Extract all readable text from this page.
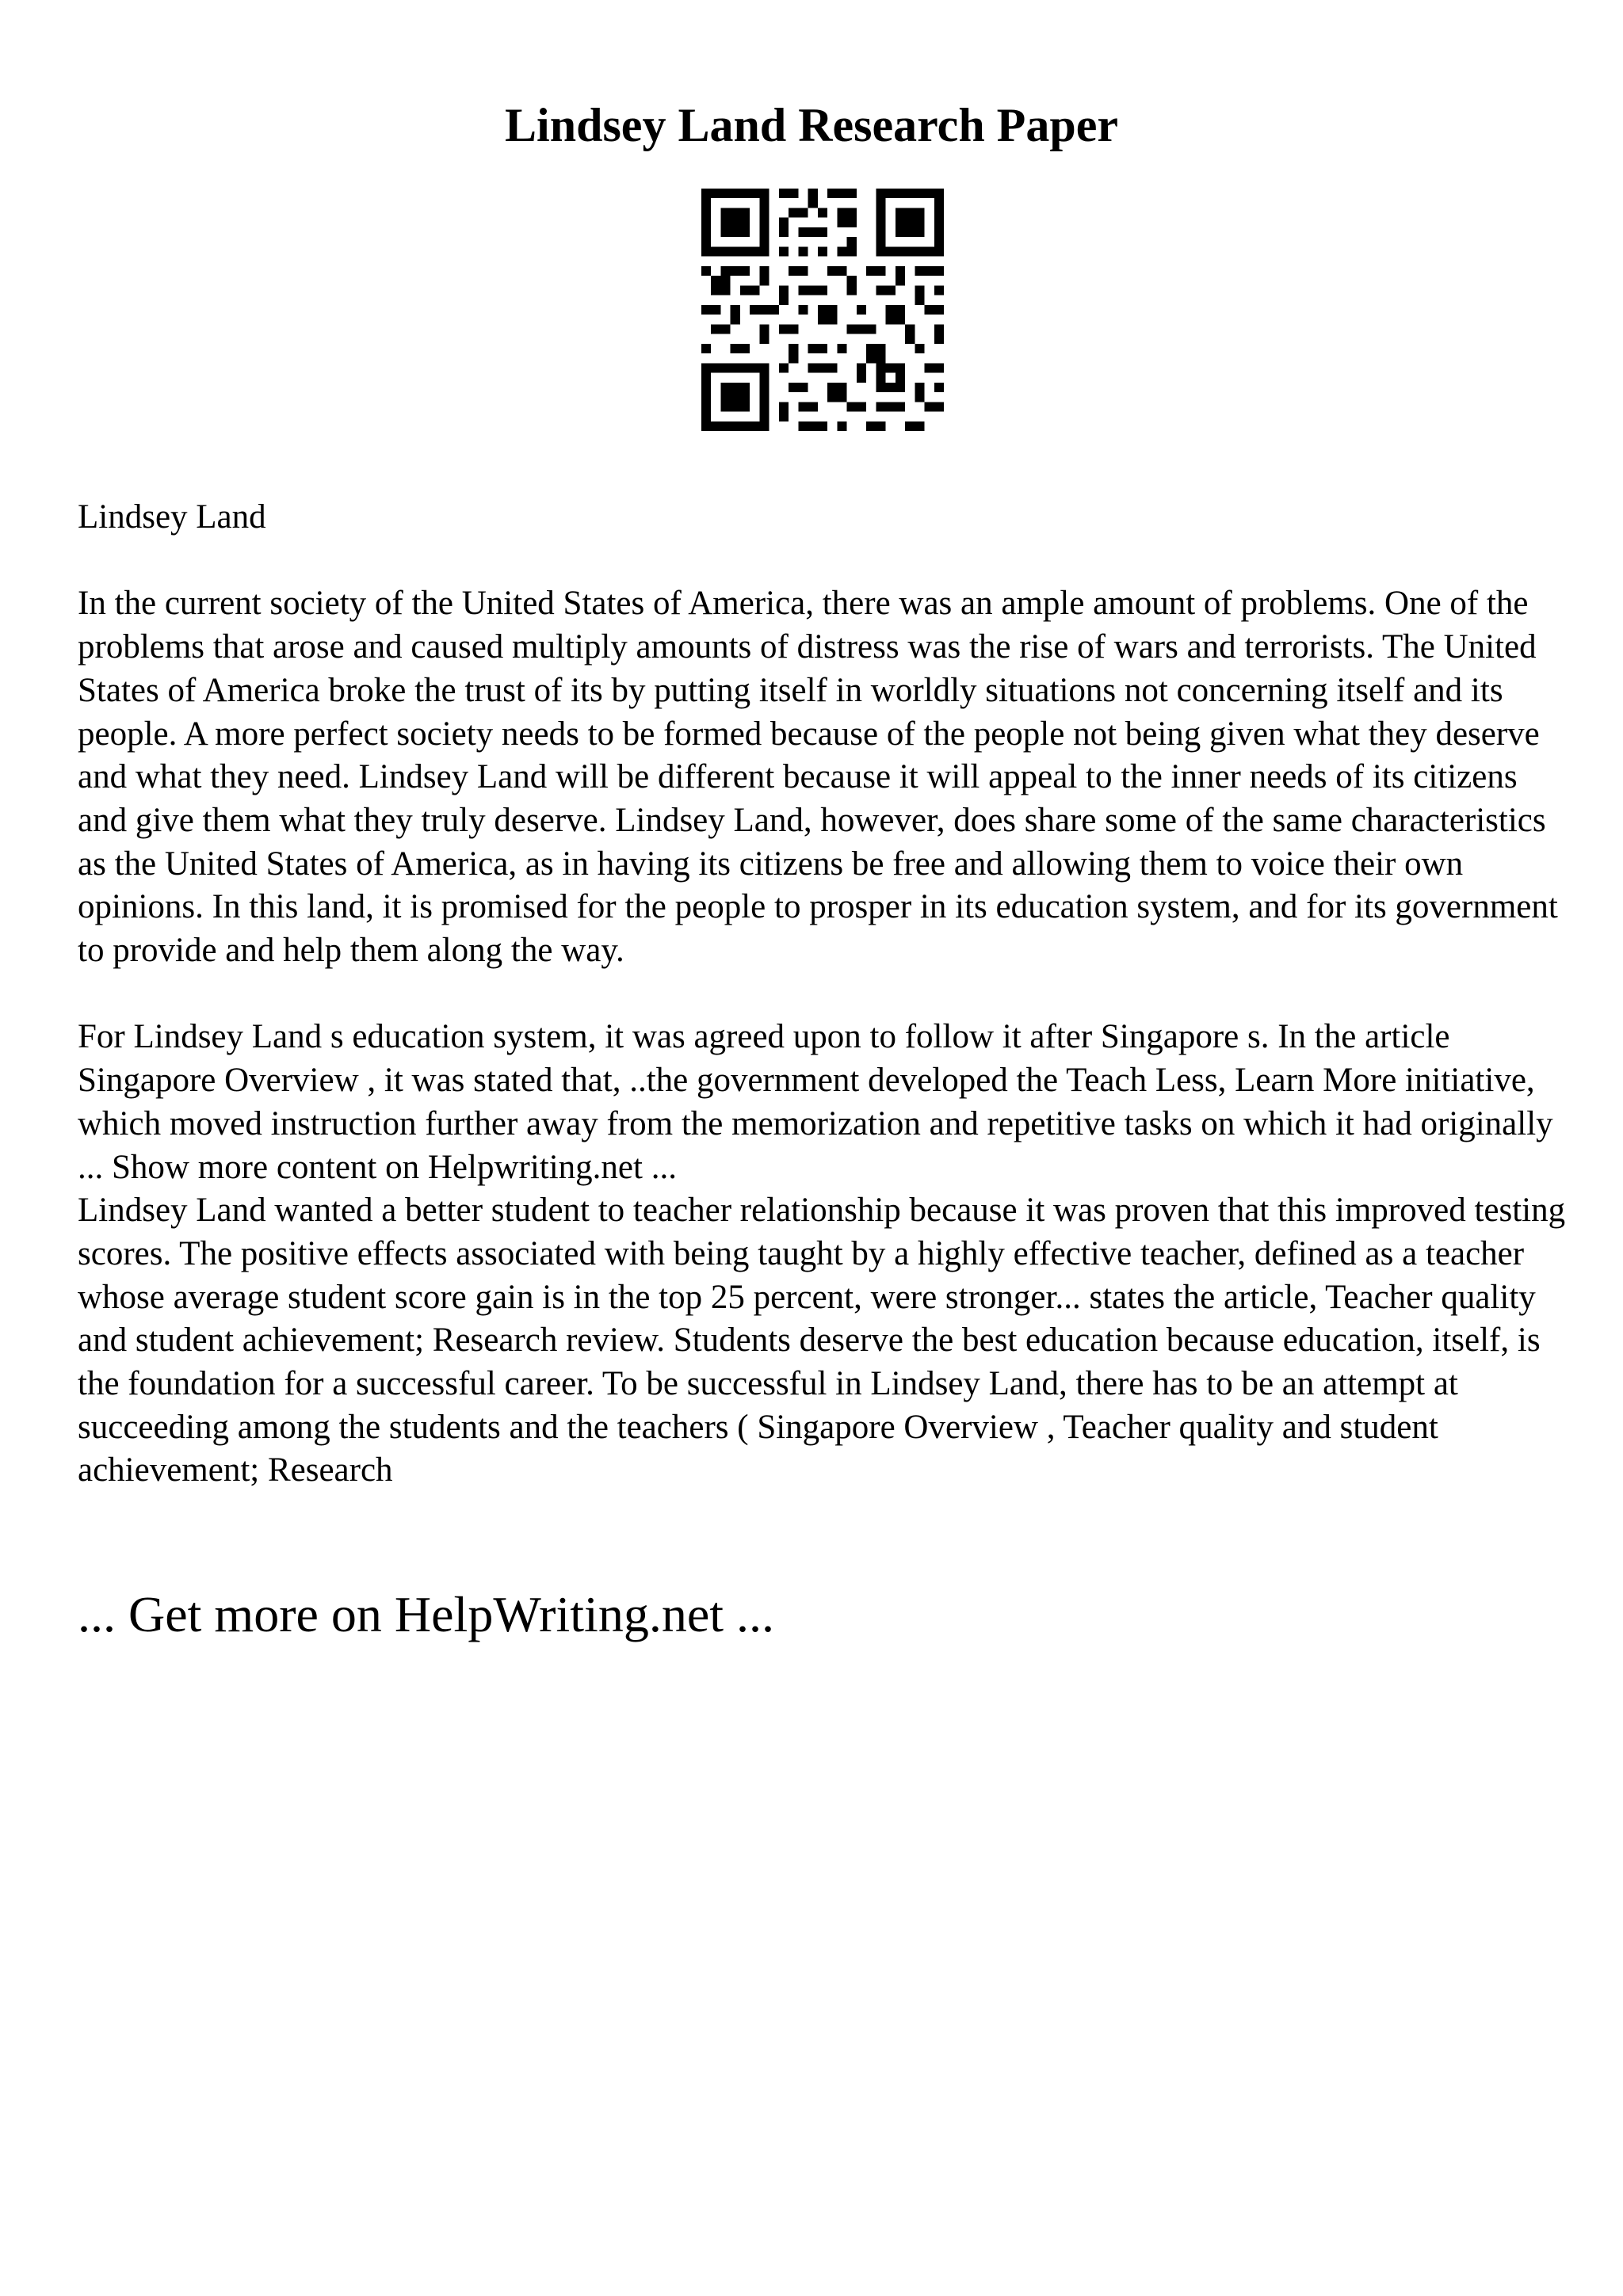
Lindsey Land Research Paper

Lindsey Land

In the current society of the United States of America, there was an ample amount of problems. One of the problems that arose and caused multiply amounts of distress was the rise of wars and terrorists. The United States of America broke the trust of its by putting itself in worldly situations not concerning itself and its people. A more perfect society needs to be formed because of the people not being given what they deserve and what they need. Lindsey Land will be different because it will appeal to the inner needs of its citizens and give them what they truly deserve. Lindsey Land, however, does share some of the same characteristics as the United States of America, as in having its citizens be free and allowing them to voice their own opinions. In this land, it is promised for the people to prosper in its education system, and for its government to provide and help them along the way.

For Lindsey Land s education system, it was agreed upon to follow it after Singapore s. In the article Singapore Overview , it was stated that, ..the government developed the Teach Less, Learn More initiative, which moved instruction further away from the memorization and repetitive tasks on which it had originally ... Show more content on Helpwriting.net ...

Lindsey Land wanted a better student to teacher relationship because it was proven that this improved testing scores. The positive effects associated with being taught by a highly effective teacher, defined as a teacher whose average student score gain is in the top 25 percent, were stronger... states the article, Teacher quality and student achievement; Research review. Students deserve the best education because education, itself, is the foundation for a successful career. To be successful in Lindsey Land, there has to be an attempt at succeeding among the students and the teachers ( Singapore Overview , Teacher quality and student achievement; Research

... Get more on HelpWriting.net ...
